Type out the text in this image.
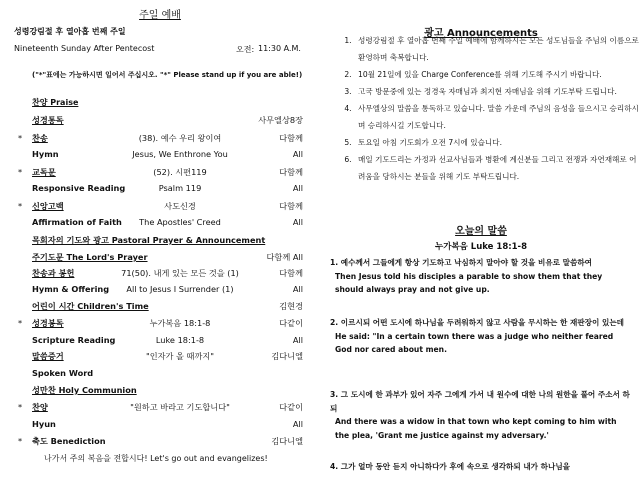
주일 예배
성령강림절 후 열아홉 번째 주일
Nineteenth Sunday After Pentecost	오전: 11:30 A.M.
("*"표에는 가능하시면 일어서 주십시오. "*" Please stand up if you are able!)
찬양 Praise
성경통독	사무엘상8장
* 찬송	(38). 예수 우리 왕이여	다함께
Hymn	Jesus, We Enthrone You	All
* 교독문	(52). 시편119	다함께
Responsive Reading	Psalm 119	All
* 신앙고백	사도신경	다함께
Affirmation of Faith	The Apostles' Creed	All
목회자의 기도와 광고 Pastoral Prayer & Announcement
주기도문 The Lord's Prayer	다함께 All
찬송과 봉헌	71(50). 내게 있는 모든 것을 (1)	다함께
Hymn & Offering	All to Jesus I Surrender (1)	All
어린이 시간 Children's Time	김현경
* 성경봉독	누가복음 18:1-8	다같이
Scripture Reading	Luke 18:1-8	All
말씀증거	"인자가 올 때까지"	김다니엘
Spoken Word
성만찬 Holy Communion
* 찬양	"원하고 바라고 기도합니다"	다같이
Hyun	All
* 축도 Benediction	김다니엘
나가서 주의 복음을 전합시다! Let's go out and evangelizes!
광고 Announcements
1. 성령강림절 후 열아홉 번째 주일 예배에 함께하시는 모든 성도님들을 주님의 이름으로 환영하며 축복합니다.
2. 10월 21일에 있을 Charge Conference를 위해 기도해 주시기 바랍니다.
3. 고국 방문중에 있는 정경욱 자매님과 최지현 자매님을 위해 기도부탁 드립니다.
4. 사무엘상의 말씀을 통독하고 있습니다. 말씀 가운데 주님의 음성을 들으시고 승리하시며 승리하시길 기도합니다.
5. 토요일 아침 기도회가 오전 7시에 있습니다.
6. 매일 기도드리는 가정과 선교사님들과 병환에 계신분들 그리고 전쟁과 자연재해로 어려움을 당하시는 분들을 위해 기도 부탁드립니다.
오늘의 말씀
누가복음 Luke 18:1-8

1. 예수께서 그들에게 항상 기도하고 낙심하지 말아야 할 것을 비유로 말씀하여

Then Jesus told his disciples a parable to show them that they should always pray and not give up.

2. 이르시되 어떤 도시에 하나님을 두려워하지 않고 사람을 무시하는 한 재판장이 있는데

He said: "In a certain town there was a judge who neither feared God nor cared about men.

3. 그 도시에 한 과부가 있어 자주 그에게 가서 내 원수에 대한 나의 원한을 풀어 주소서 하되

And there was a widow in that town who kept coming to him with the plea, 'Grant me justice against my adversary.'

4. 그가 얼마 동안 듣지 아니하다가 후에 속으로 생각하되 내가 하나님을
